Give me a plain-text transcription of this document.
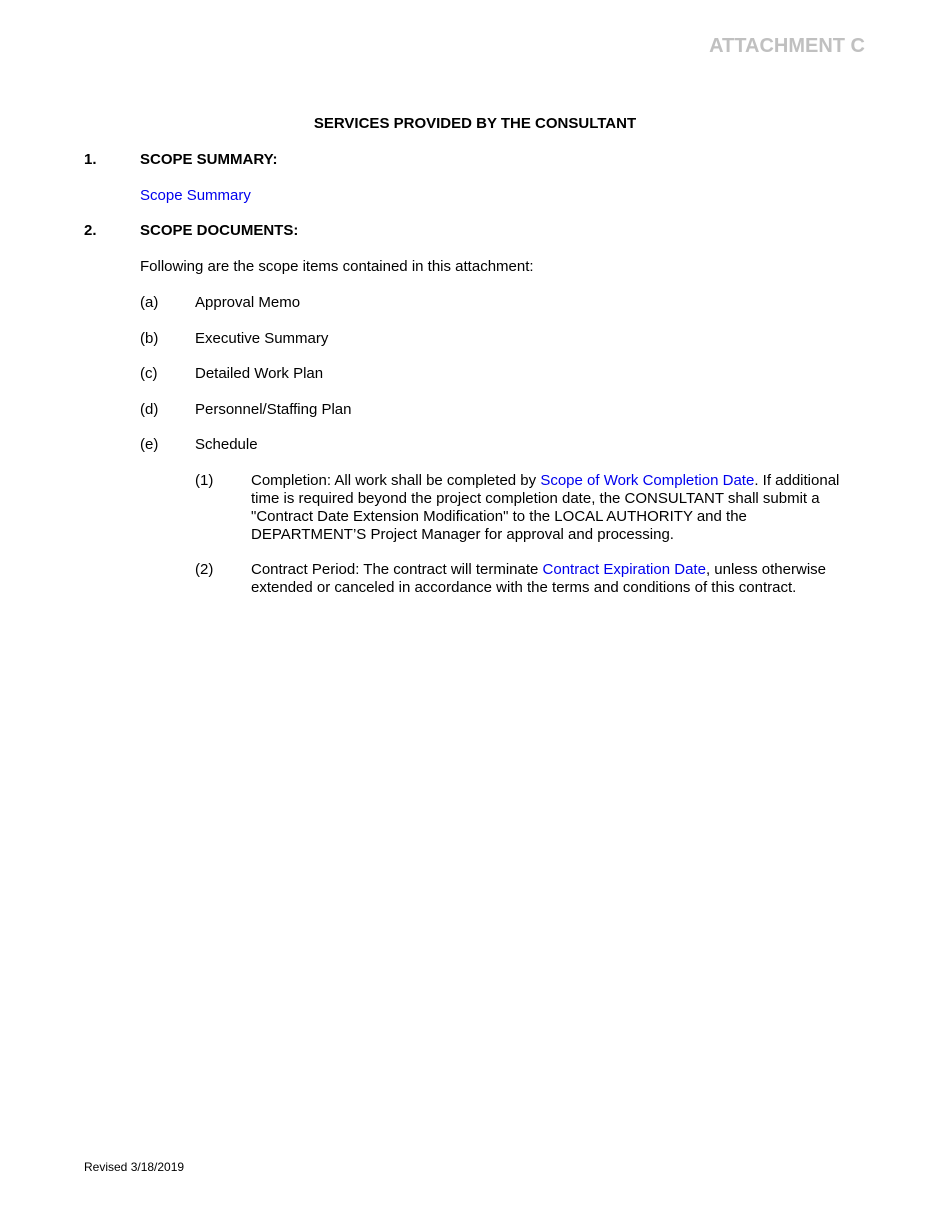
ATTACHMENT C
SERVICES PROVIDED BY THE CONSULTANT
1.	SCOPE SUMMARY:
Scope Summary
2.	SCOPE DOCUMENTS:
Following are the scope items contained in this attachment:
(a) Approval Memo
(b) Executive Summary
(c)	Detailed Work Plan
(d) Personnel/Staffing Plan
(e) Schedule
(1)	Completion: All work shall be completed by Scope of Work Completion Date. If additional time is required beyond the project completion date, the CONSULTANT shall submit a "Contract Date Extension Modification" to the LOCAL AUTHORITY and the DEPARTMENT’S Project Manager for approval and processing.
(2)	Contract Period: The contract will terminate Contract Expiration Date, unless otherwise extended or canceled in accordance with the terms and conditions of this contract.
Revised 3/18/2019
